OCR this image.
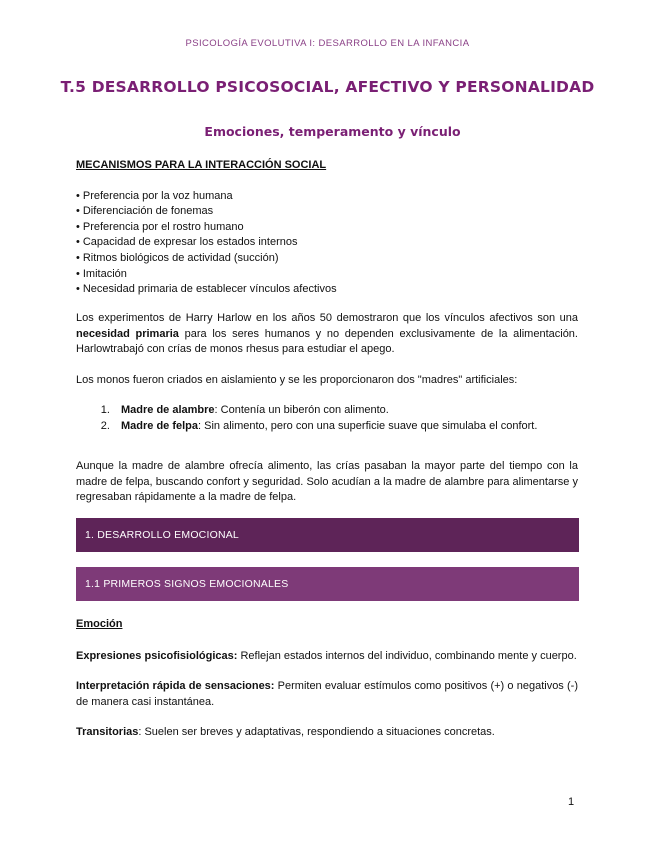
PSICOLOGÍA EVOLUTIVA I: DESARROLLO EN LA INFANCIA
T.5 DESARROLLO PSICOSOCIAL, AFECTIVO Y PERSONALIDAD
Emociones, temperamento y vínculo
MECANISMOS PARA LA INTERACCIÓN SOCIAL
• Preferencia por la voz humana
• Diferenciación de fonemas
• Preferencia por el rostro humano
• Capacidad de expresar los estados internos
• Ritmos biológicos de actividad (succión)
• Imitación
• Necesidad primaria de establecer vínculos afectivos

Los experimentos de Harry Harlow en los años 50 demostraron que los vínculos afectivos son una necesidad primaria para los seres humanos y no dependen exclusivamente de la alimentación. Harlowtrabajó con crías de monos rhesus para estudiar el apego.

Los monos fueron criados en aislamiento y se les proporcionaron dos "madres" artificiales:

1. Madre de alambre: Contenía un biberón con alimento.
2. Madre de felpa: Sin alimento, pero con una superficie suave que simulaba el confort.

Aunque la madre de alambre ofrecía alimento, las crías pasaban la mayor parte del tiempo con la madre de felpa, buscando confort y seguridad. Solo acudían a la madre de alambre para alimentarse y regresaban rápidamente a la madre de felpa.

1. DESARROLLO EMOCIONAL
1.1 PRIMEROS SIGNOS EMOCIONALES
Emoción

Expresiones psicofisiológicas: Reflejan estados internos del individuo, combinando mente y cuerpo.

Interpretación rápida de sensaciones: Permiten evaluar estímulos como positivos (+) o negativos (-) de manera casi instantánea.

Transitorias: Suelen ser breves y adaptativas, respondiendo a situaciones concretas.

1
